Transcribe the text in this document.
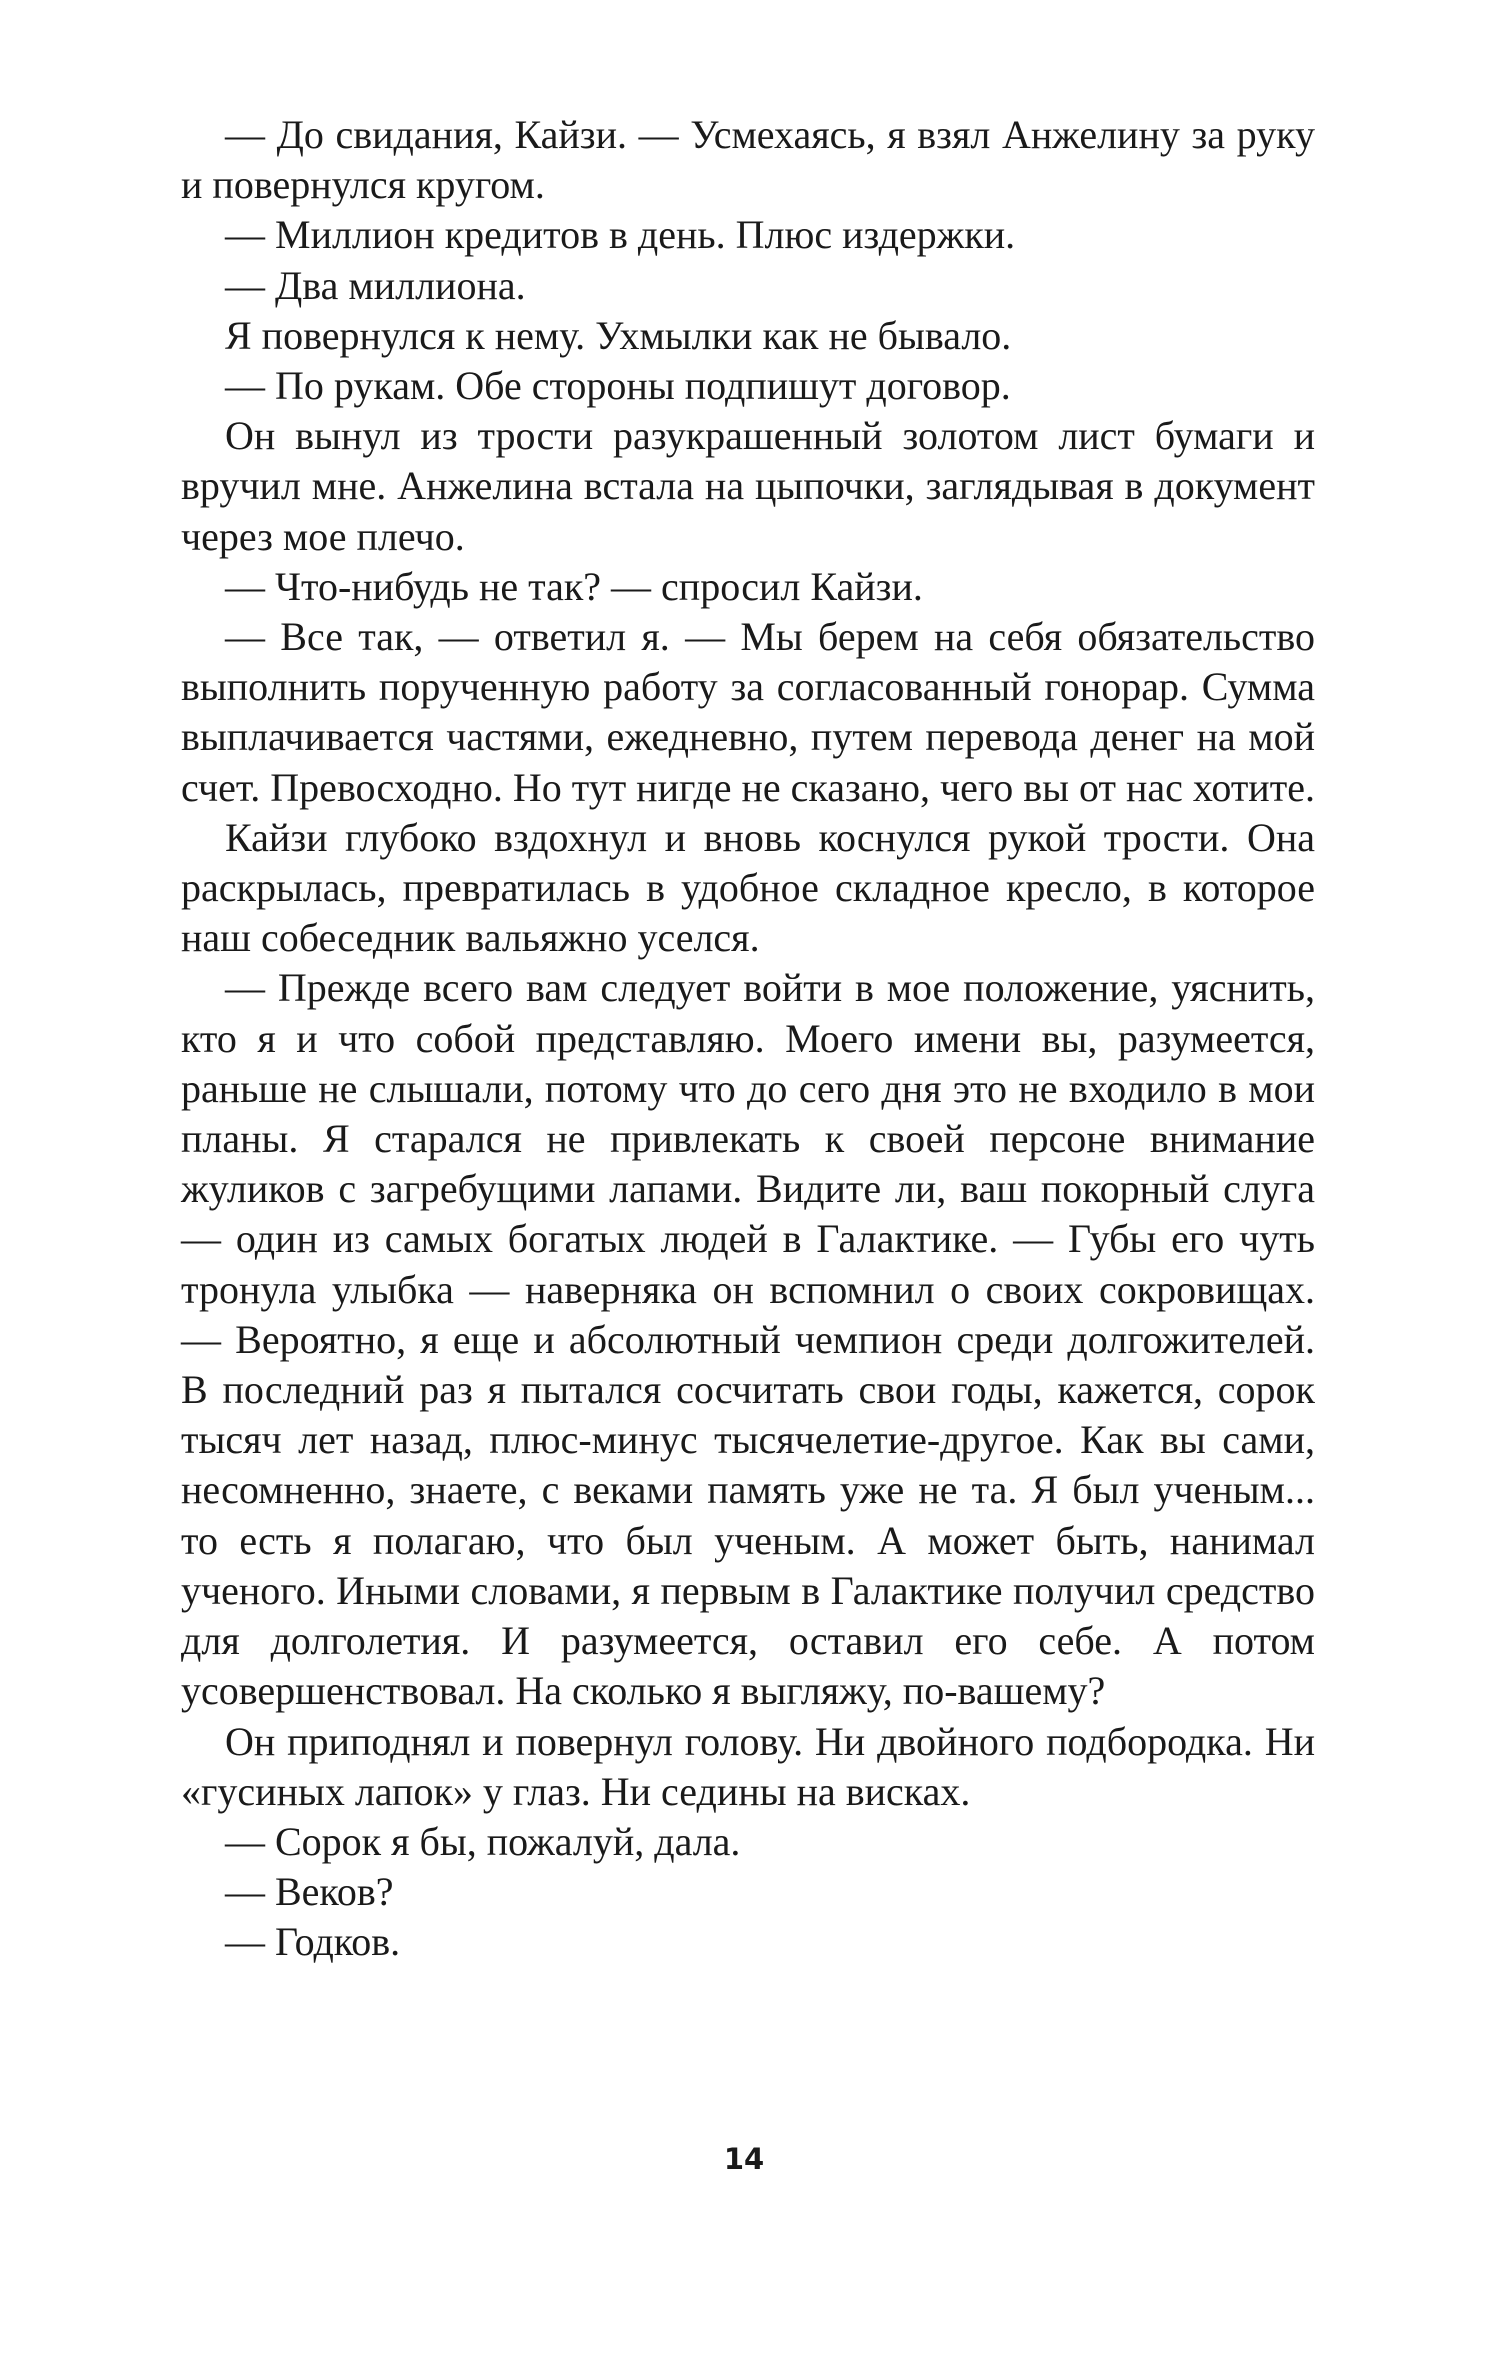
— До свидания, Кайзи. — Усмехаясь, я взял Анжелину за руку и повернулся кругом.

— Миллион кредитов в день. Плюс издержки.

— Два миллиона.

Я повернулся к нему. Ухмылки как не бывало.

— По рукам. Обе стороны подпишут договор.

Он вынул из трости разукрашенный золотом лист бумаги и вручил мне. Анжелина встала на цыпочки, заглядывая в документ через мое плечо.

— Что-нибудь не так? — спросил Кайзи.

— Все так, — ответил я. — Мы берем на себя обязательство выполнить порученную работу за согласованный гонорар. Сумма выплачивается частями, ежедневно, путем перевода денег на мой счет. Превосходно. Но тут нигде не сказано, чего вы от нас хотите.

Кайзи глубоко вздохнул и вновь коснулся рукой трости. Она раскрылась, превратилась в удобное складное кресло, в которое наш собеседник вальяжно уселся.

— Прежде всего вам следует войти в мое положение, уяснить, кто я и что собой представляю. Моего имени вы, разумеется, раньше не слышали, потому что до сего дня это не входило в мои планы. Я старался не привлекать к своей персоне внимание жуликов с загребущими лапами. Видите ли, ваш покорный слуга — один из самых богатых людей в Галактике. — Губы его чуть тронула улыбка — наверняка он вспомнил о своих сокровищах. — Вероятно, я еще и абсолютный чемпион среди долгожителей. В последний раз я пытался сосчитать свои годы, кажется, сорок тысяч лет назад, плюс-минус тысячелетие-другое. Как вы сами, несомненно, знаете, с веками память уже не та. Я был ученым... то есть я полагаю, что был ученым. А может быть, нанимал ученого. Иными словами, я первым в Галактике получил средство для долголетия. И разумеется, оставил его себе. А потом усовершенствовал. На сколько я выгляжу, по-вашему?

Он приподнял и повернул голову. Ни двойного подбородка. Ни «гусиных лапок» у глаз. Ни седины на висках.

— Сорок я бы, пожалуй, дала.

— Веков?

— Годков.

14
